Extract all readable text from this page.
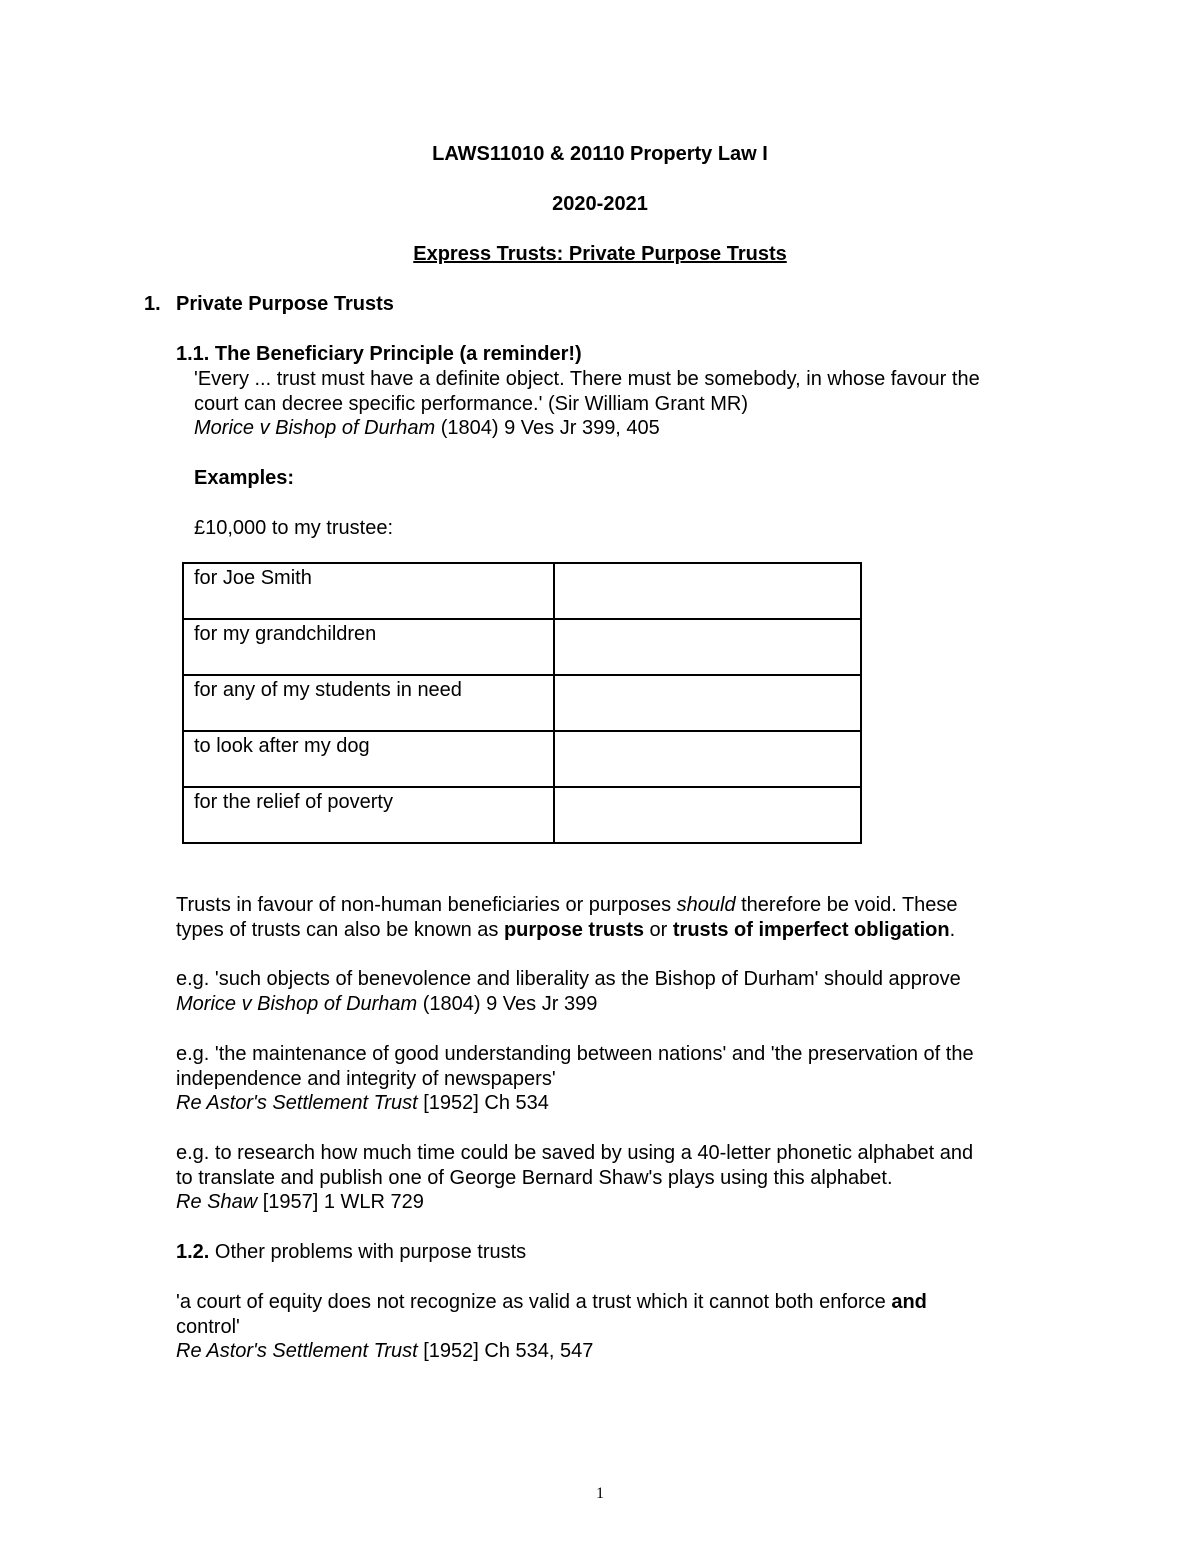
LAWS11010 & 20110 Property Law I
2020-2021
Express Trusts: Private Purpose Trusts
1. Private Purpose Trusts
1.1. The Beneficiary Principle (a reminder!)

'Every ... trust must have a definite object. There must be somebody, in whose favour the

court can decree specific performance.' (Sir William Grant MR)

Morice v Bishop of Durham (1804) 9 Ves Jr 399, 405

Examples:
£10,000 to my trustee:
for Joe Smith	
for my grandchildren	
for any of my students in need	
to look after my dog	
for the relief of poverty	

Trusts in favour of non-human beneficiaries or purposes should therefore be void. These

types of trusts can also be known as purpose trusts or trusts of imperfect obligation.

e.g. 'such objects of benevolence and liberality as the Bishop of Durham' should approve

Morice v Bishop of Durham (1804) 9 Ves Jr 399

e.g. 'the maintenance of good understanding between nations' and 'the preservation of the

independence and integrity of newspapers'

Re Astor's Settlement Trust [1952] Ch 534

e.g. to research how much time could be saved by using a 40-letter phonetic alphabet and

to translate and publish one of George Bernard Shaw's plays using this alphabet.

Re Shaw [1957] 1 WLR 729

1.2. Other problems with purpose trusts

'a court of equity does not recognize as valid a trust which it cannot both enforce and

control'

Re Astor's Settlement Trust [1952] Ch 534, 547

1
